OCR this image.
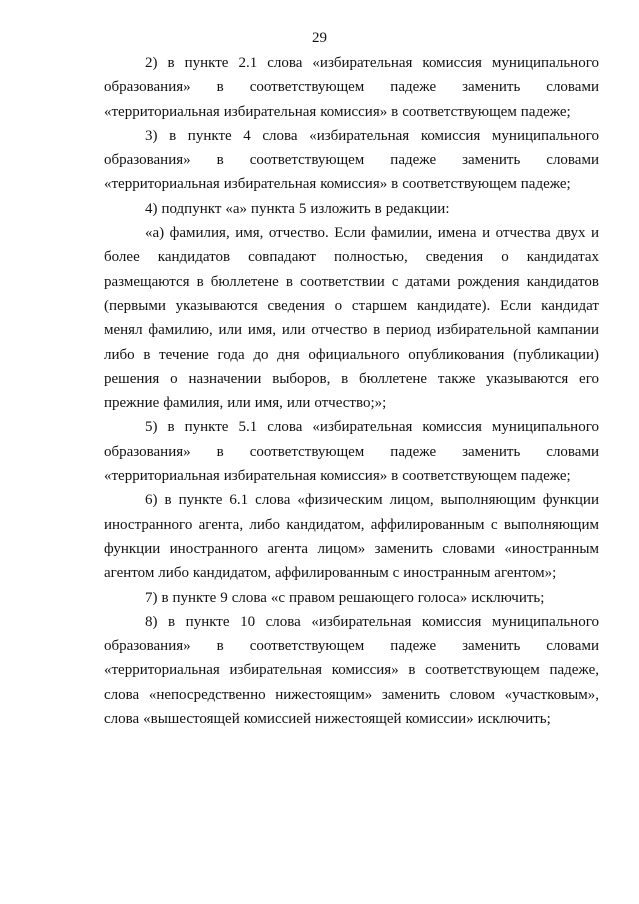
29

2) в пункте 2.1 слова «избирательная комиссия муниципального образования» в соответствующем падеже заменить словами «территориальная избирательная комиссия» в соответствующем падеже;

3) в пункте 4 слова «избирательная комиссия муниципального образования» в соответствующем падеже заменить словами «территориальная избирательная комиссия» в соответствующем падеже;

4) подпункт «а» пункта 5 изложить в редакции:

«а) фамилия, имя, отчество. Если фамилии, имена и отчества двух и более кандидатов совпадают полностью, сведения о кандидатах размещаются в бюллетене в соответствии с датами рождения кандидатов (первыми указываются сведения о старшем кандидате). Если кандидат менял фамилию, или имя, или отчество в период избирательной кампании либо в течение года до дня официального опубликования (публикации) решения о назначении выборов, в бюллетене также указываются его прежние фамилия, или имя, или отчество;»;

5) в пункте 5.1 слова «избирательная комиссия муниципального образования» в соответствующем падеже заменить словами «территориальная избирательная комиссия» в соответствующем падеже;

6) в пункте 6.1 слова «физическим лицом, выполняющим функции иностранного агента, либо кандидатом, аффилированным с выполняющим функции иностранного агента лицом» заменить словами «иностранным агентом либо кандидатом, аффилированным с иностранным агентом»;

7) в пункте 9 слова «с правом решающего голоса» исключить;

8) в пункте 10 слова «избирательная комиссия муниципального образования» в соответствующем падеже заменить словами «территориальная избирательная комиссия» в соответствующем падеже, слова «непосредственно нижестоящим» заменить словом «участковым», слова «вышестоящей комиссией нижестоящей комиссии» исключить;
